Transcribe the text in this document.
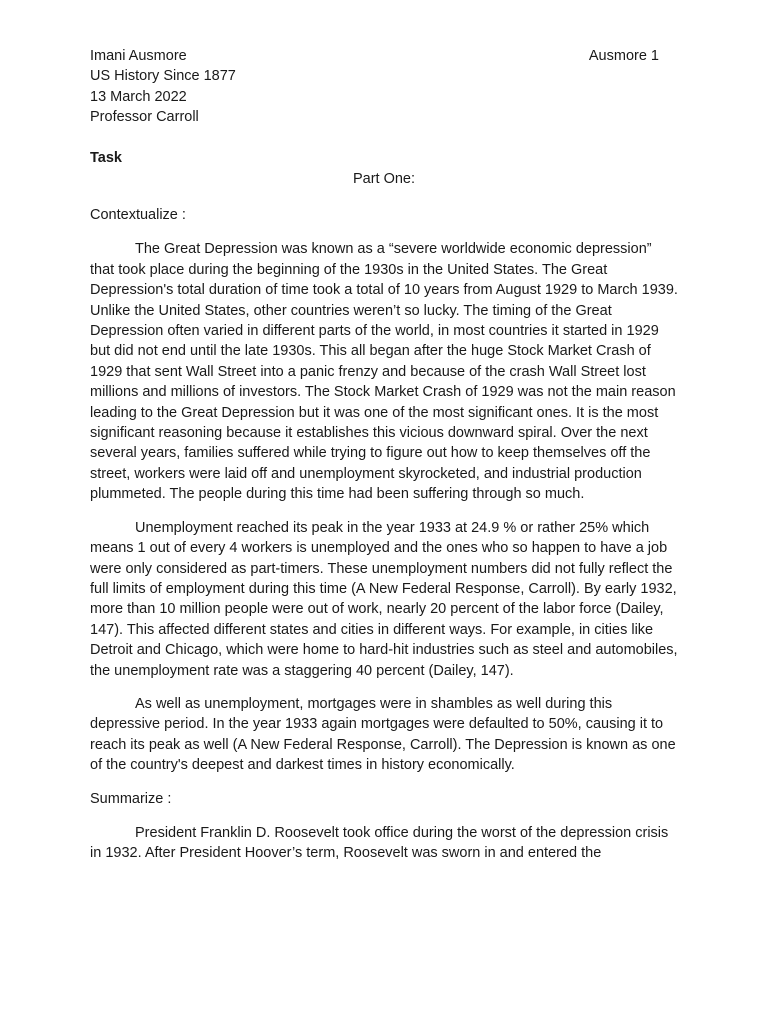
Imani Ausmore
US History Since 1877
13 March 2022
Professor Carroll
Ausmore 1
Task
Part One:

Contextualize :

The Great Depression was known as a “severe worldwide economic depression” that took place during the beginning of the 1930s in the United States. The Great Depression's total duration of time took a total of 10 years from August 1929 to March 1939. Unlike the United States, other countries weren’t so lucky. The timing of the Great Depression often varied in different parts of the world, in most countries it started in 1929 but did not end until the late 1930s. This all began after the huge Stock Market Crash of 1929 that sent Wall Street into a panic frenzy and because of the crash Wall Street lost millions and millions of investors. The Stock Market Crash of 1929 was not the main reason leading to the Great Depression but it was one of the most significant ones. It is the most significant reasoning because it establishes this vicious downward spiral. Over the next several years, families suffered while trying to figure out how to keep themselves off the street, workers were laid off and unemployment skyrocketed, and industrial production plummeted. The people during this time had been suffering through so much.

Unemployment reached its peak in the year 1933 at 24.9 % or rather 25% which means 1 out of every 4 workers is unemployed and the ones who so happen to have a job were only considered as part-timers. These unemployment numbers did not fully reflect the full limits of employment during this time (A New Federal Response, Carroll). By early 1932, more than 10 million people were out of work, nearly 20 percent of the labor force (Dailey, 147). This affected different states and cities in different ways. For example, in cities like Detroit and Chicago, which were home to hard-hit industries such as steel and automobiles, the unemployment rate was a staggering 40 percent (Dailey, 147).

As well as unemployment, mortgages were in shambles as well during this depressive period. In the year 1933 again mortgages were defaulted to 50%, causing it to reach its peak as well (A New Federal Response, Carroll). The Depression is known as one of the country's deepest and darkest times in history economically.

Summarize :

President Franklin D. Roosevelt took office during the worst of the depression crisis in 1932. After President Hoover’s term, Roosevelt was sworn in and entered the
